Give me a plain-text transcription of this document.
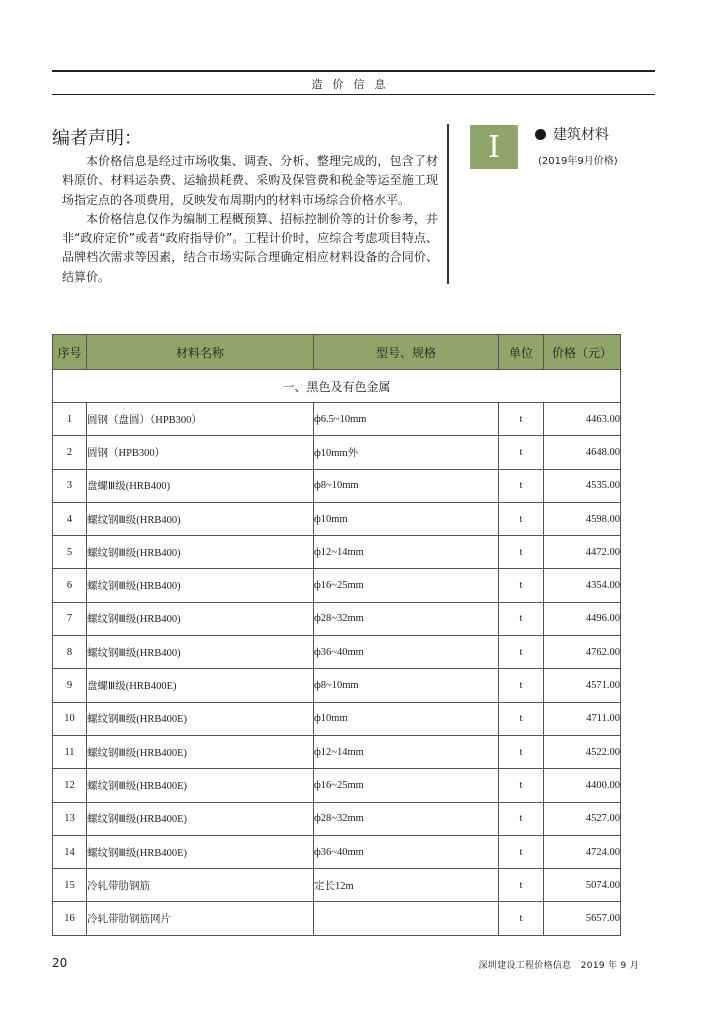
造价信息
编者声明：

本价格信息是经过市场收集、调查、分析、整理完成的，包含了材料原价、材料运杂费、运输损耗费、采购及保管费和税金等运至施工现场指定点的各项费用，反映发布周期内的材料市场综合价格水平。

本价格信息仅作为编制工程概预算、招标控制价等的计价参考，并非“政府定价”或者“政府指导价”。工程计价时，应综合考虑项目特点、品牌档次需求等因素，结合市场实际合理确定相应材料设备的合同价、结算价。

I	建筑材料
(2019年9月价格)
序号	材料名称	型号、规格	单位	价格（元）
一、黑色及有色金属				
1	圆钢（盘圆）（HPB300）	ф6.5~10mm	t	4463.00
2	圆钢（HPB300）	ф10mm外	t	4648.00
3	盘螺Ⅲ级(HRB400)	ф8~10mm	t	4535.00
4	螺纹钢Ⅲ级(HRB400)	ф10mm	t	4598.00
5	螺纹钢Ⅲ级(HRB400)	ф12~14mm	t	4472.00
6	螺纹钢Ⅲ级(HRB400)	ф16~25mm	t	4354.00
7	螺纹钢Ⅲ级(HRB400)	ф28~32mm	t	4496.00
8	螺纹钢Ⅲ级(HRB400)	ф36~40mm	t	4762.00
9	盘螺Ⅲ级(HRB400E)	ф8~10mm	t	4571.00
10	螺纹钢Ⅲ级(HRB400E)	ф10mm	t	4711.00
11	螺纹钢Ⅲ级(HRB400E)	ф12~14mm	t	4522.00
12	螺纹钢Ⅲ级(HRB400E)	ф16~25mm	t	4400.00
13	螺纹钢Ⅲ级(HRB400E)	ф28~32mm	t	4527.00
14	螺纹钢Ⅲ级(HRB400E)	ф36~40mm	t	4724.00
15	冷轧带肋钢筋	定长12m	t	5074.00
16	冷轧带肋钢筋网片		t	5657.00
20	深圳建设工程价格信息　2019 年 9 月
